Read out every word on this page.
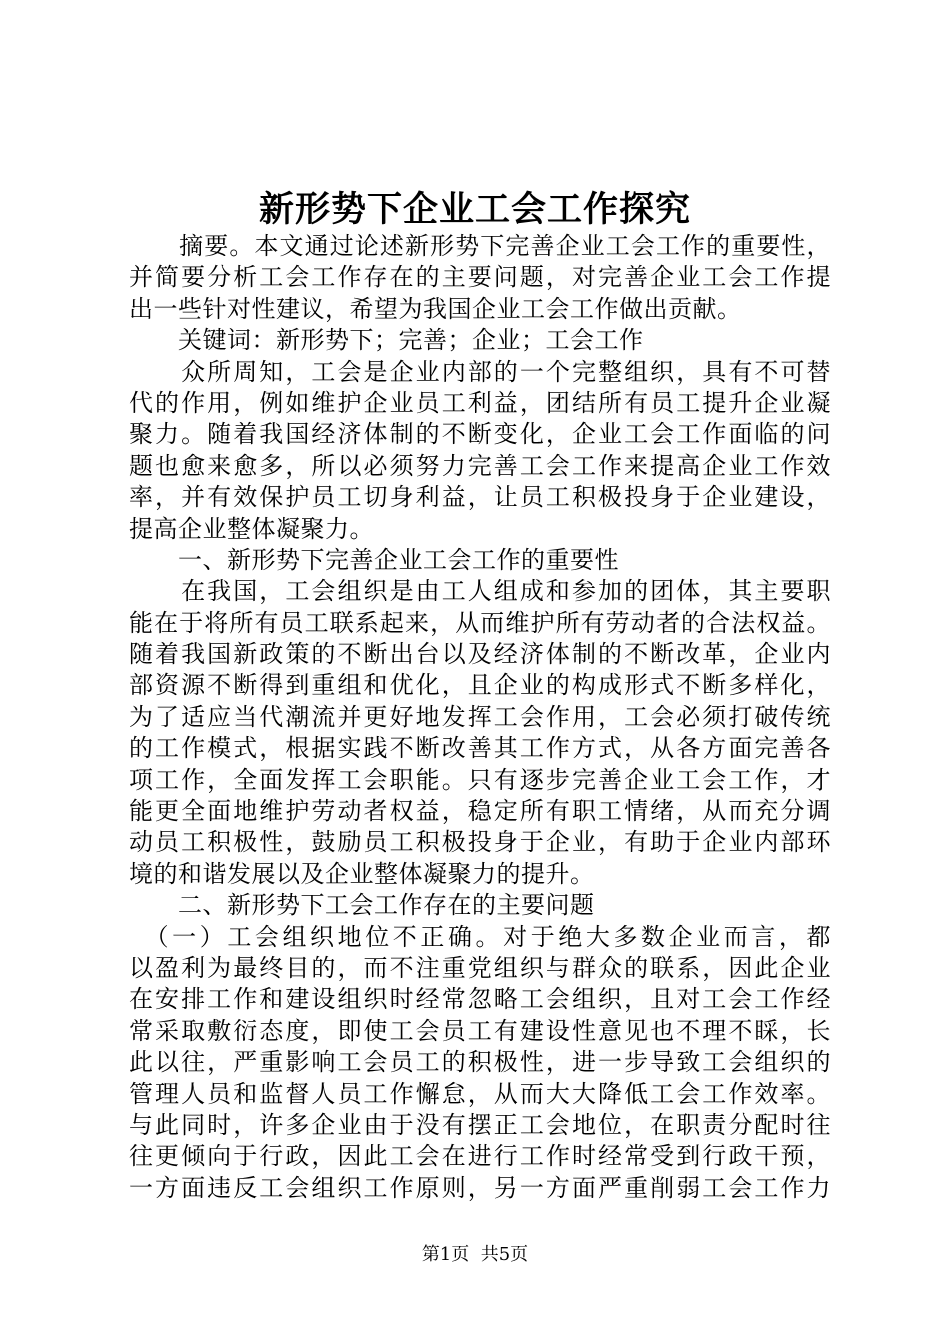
新形势下企业工会工作探究
　　摘要。本文通过论述新形势下完善企业工会工作的重要性，
并简要分析工会工作存在的主要问题，对完善企业工会工作提
出一些针对性建议，希望为我国企业工会工作做出贡献。
　　关键词：新形势下；完善；企业；工会工作
　　众所周知，工会是企业内部的一个完整组织，具有不可替
代的作用，例如维护企业员工利益，团结所有员工提升企业凝
聚力。随着我国经济体制的不断变化，企业工会工作面临的问
题也愈来愈多，所以必须努力完善工会工作来提高企业工作效
率，并有效保护员工切身利益，让员工积极投身于企业建设，
提高企业整体凝聚力。
　　一、新形势下完善企业工会工作的重要性
　　在我国，工会组织是由工人组成和参加的团体，其主要职
能在于将所有员工联系起来，从而维护所有劳动者的合法权益。
随着我国新政策的不断出台以及经济体制的不断改革，企业内
部资源不断得到重组和优化，且企业的构成形式不断多样化，
为了适应当代潮流并更好地发挥工会作用，工会必须打破传统
的工作模式，根据实践不断改善其工作方式，从各方面完善各
项工作，全面发挥工会职能。只有逐步完善企业工会工作，才
能更全面地维护劳动者权益，稳定所有职工情绪，从而充分调
动员工积极性，鼓励员工积极投身于企业，有助于企业内部环
境的和谐发展以及企业整体凝聚力的提升。
　　二、新形势下工会工作存在的主要问题
　（一）工会组织地位不正确。对于绝大多数企业而言，都
以盈利为最终目的，而不注重党组织与群众的联系，因此企业
在安排工作和建设组织时经常忽略工会组织，且对工会工作经
常采取敷衍态度，即使工会员工有建设性意见也不理不睬，长
此以往，严重影响工会员工的积极性，进一步导致工会组织的
管理人员和监督人员工作懈怠，从而大大降低工会工作效率。
与此同时，许多企业由于没有摆正工会地位，在职责分配时往
往更倾向于行政，因此工会在进行工作时经常受到行政干预，
一方面违反工会组织工作原则，另一方面严重削弱工会工作力
第1页  共5页
